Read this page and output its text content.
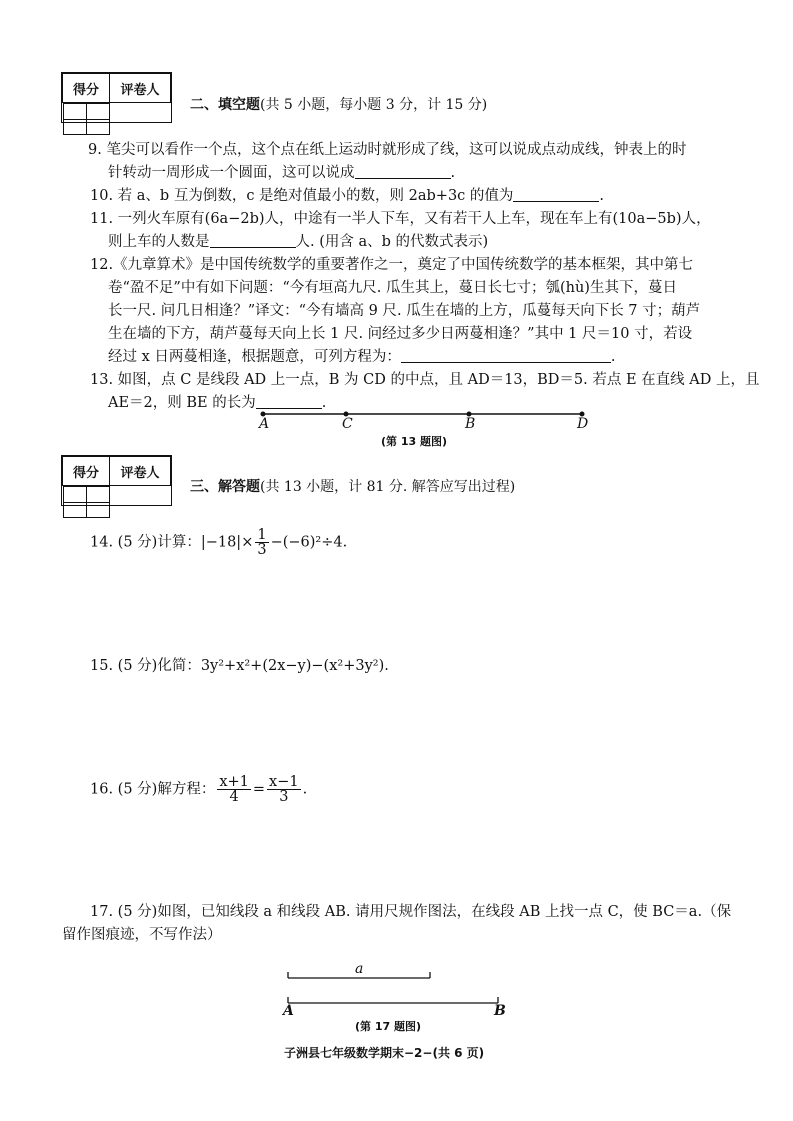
得分	评卷人

二、填空题(共 5 小题，每小题 3 分，计 15 分)
9. 笔尖可以看作一个点，这个点在纸上运动时就形成了线，这可以说成点动成线，钟表上的时
针转动一周形成一个圆面，这可以说成	.
10. 若 a、b 互为倒数，c 是绝对值最小的数，则 2ab+3c 的值为	.
11. 一列火车原有(6a−2b)人，中途有一半人下车，又有若干人上车，现在车上有(10a−5b)人，
则上车的人数是	人. (用含 a、b 的代数式表示)
12.《九章算术》是中国传统数学的重要著作之一，奠定了中国传统数学的基本框架，其中第七
卷“盈不足”中有如下问题：“今有垣高九尺. 瓜生其上，蔓日长七寸；瓠(hù)生其下，蔓日
长一尺. 问几日相逢？”译文：“今有墙高 9 尺. 瓜生在墙的上方，瓜蔓每天向下长 7 寸；葫芦
生在墙的下方，葫芦蔓每天向上长 1 尺. 问经过多少日两蔓相逢？”其中 1 尺＝10 寸，若设
经过 x 日两蔓相逢，根据题意，可列方程为：	.
13. 如图，点 C 是线段 AD 上一点，B 为 CD 的中点，且 AD＝13，BD＝5. 若点 E 在直线 AD 上，且
AE＝2，则 BE 的长为	.
A	C	B	D
(第 13 题图)
得分	评卷人

三、解答题(共 13 小题，计 81 分. 解答应写出过程)
14. (5 分)计算：$|-18|\times \frac{1}{3} -(-6)^2\div 4$.
15. (5 分)化简：3y²+x²+(2x−y)−(x²+3y²).
16. (5 分)解方程： $\frac{x+1}{4} = \frac{x-1}{3}$ .
17. (5 分)如图，已知线段 a 和线段 AB. 请用尺规作图法，在线段 AB 上找一点 C，使 BC＝a.（保
留作图痕迹，不写作法）
a
A	B
(第 17 题图)
子洲县七年级数学期末−2−(共 6 页)
